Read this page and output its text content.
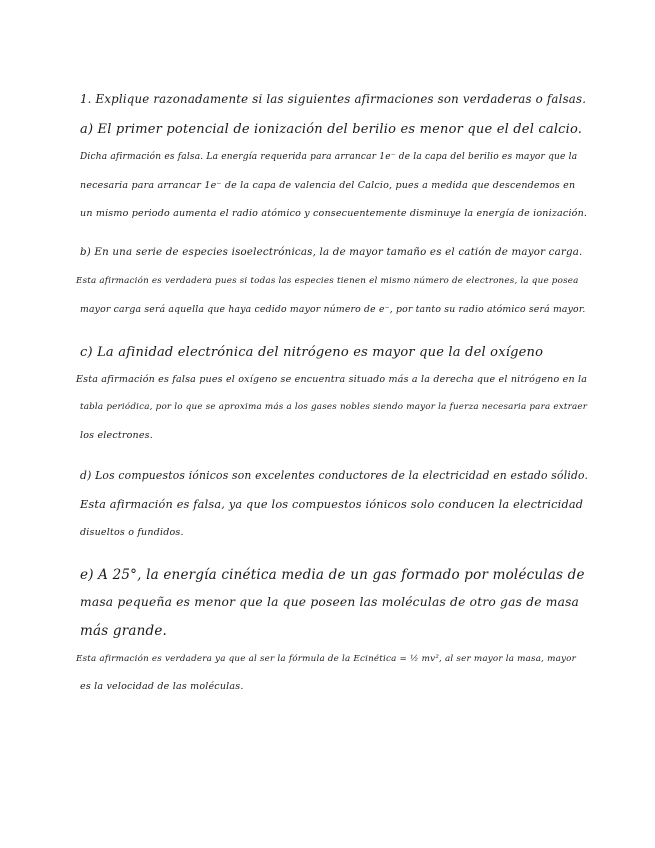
1. Explique razonadamente si las siguientes afirmaciones son verdaderas o falsas.
a) El primer potencial de ionización del berilio es menor que el del calcio.
Dicha afirmación es falsa. La energía requerida para arrancar 1e⁻ de la capa del berilio es mayor que la
necesaria para arrancar 1e⁻ de la capa de valencia del Calcio, pues a medida que descendemos en
un mismo periodo aumenta el radio atómico y consecuentemente disminuye la energía de ionización.
b) En una serie de especies isoelectrónicas, la de mayor tamaño es el catión de mayor carga.
Esta afirmación es verdadera pues si todas las especies tienen el mismo número de electrones, la que posea
mayor carga será aquella que haya cedido mayor número de e⁻, por tanto su radio atómico será mayor.
c) La afinidad electrónica del nitrógeno es mayor que la del oxígeno
Esta afirmación es falsa pues el oxígeno se encuentra situado más a la derecha que el nitrógeno en la
tabla periódica, por lo que se aproxima más a los gases nobles siendo mayor la fuerza necesaria para extraer
los electrones.
d) Los compuestos iónicos son excelentes conductores de la electricidad en estado sólido.
Esta afirmación es falsa, ya que los compuestos iónicos solo conducen la electricidad
disueltos o fundidos.
e) A 25°, la energía cinética media de un gas formado por moléculas de
masa pequeña es menor que la que poseen las moléculas de otro gas de masa
más grande.
Esta afirmación es verdadera ya que al ser la fórmula de la Ecinética = ½ mv², al ser mayor la masa, mayor
es la velocidad de las moléculas.
